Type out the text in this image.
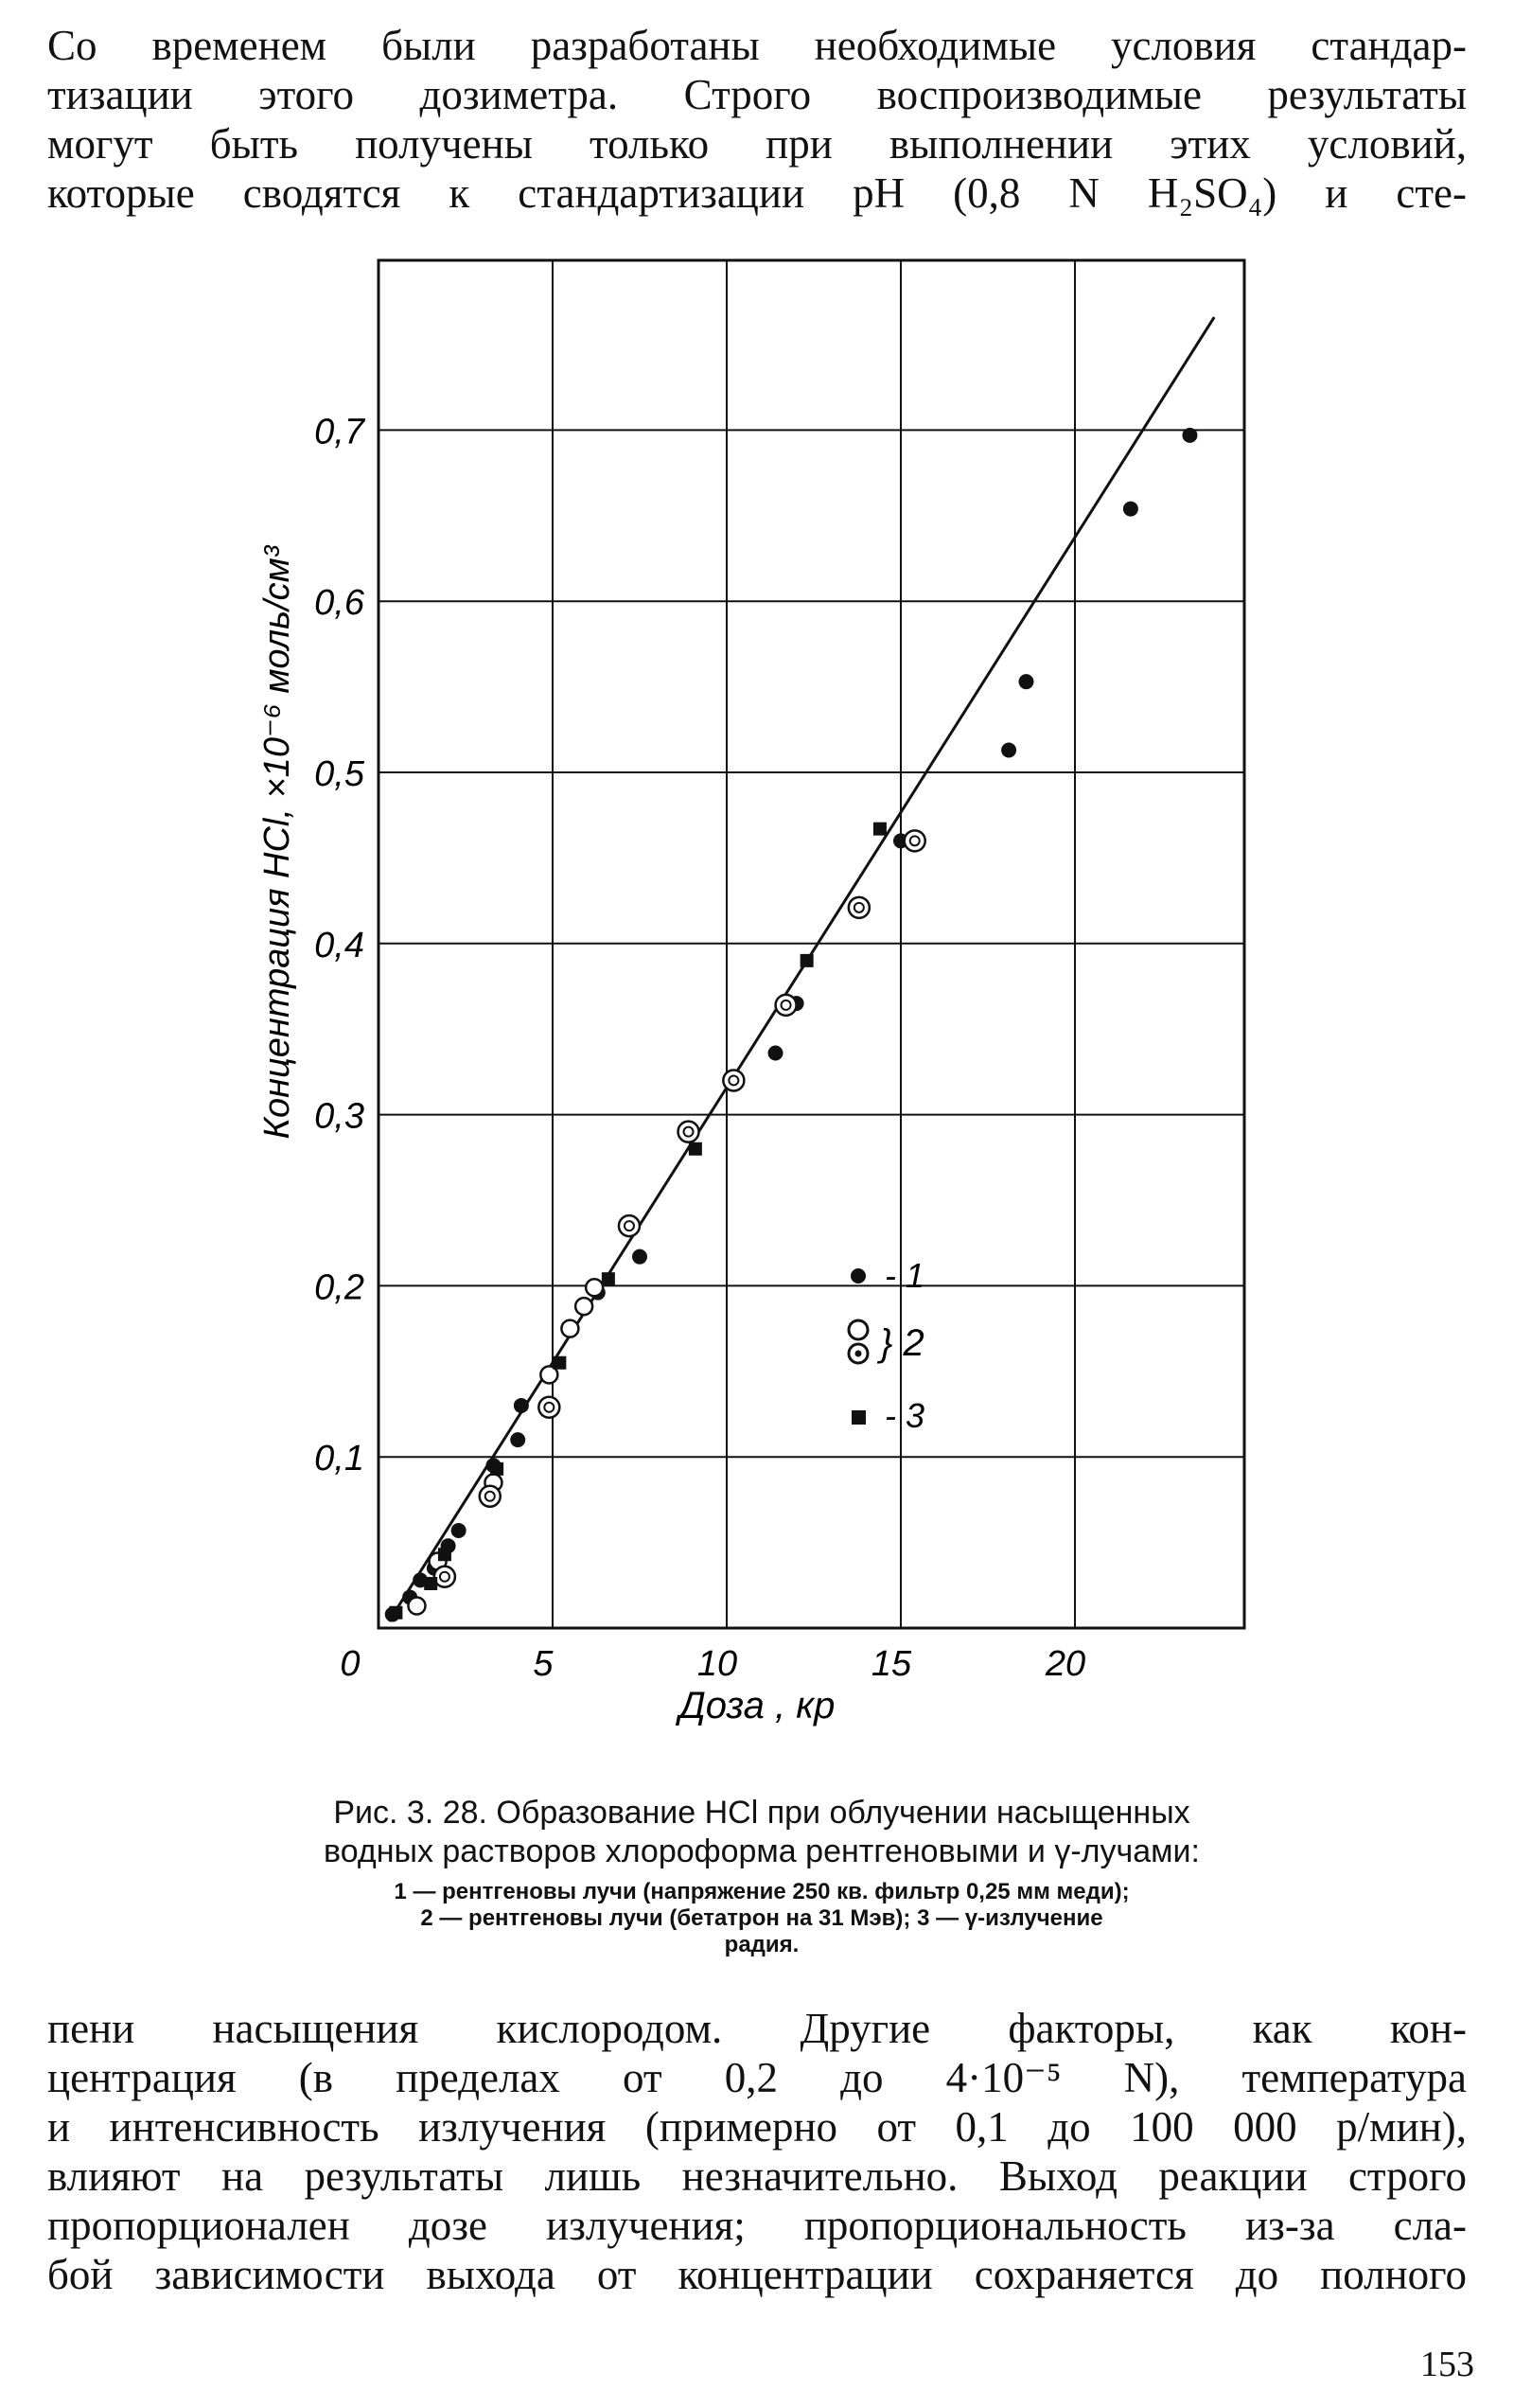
Со временем были разработаны необходимые условия стандар-
тизации этого дозиметра. Строго воспроизводимые результаты
могут быть получены только при выполнении этих условий,
которые сводятся к стандартизации pH (0,8 N H₂SO₄) и сте-
0	5	10	15	20
0,1
0,2
0,3
0,4
0,5
0,6
0,7
Доза , кр
Концентрация HCl, ×10⁻⁶ моль/см³
- 1
} 2
- 3
Рис. 3. 28. Образование HCl при облучении насыщенных
водных растворов хлороформа рентгеновыми и γ-лучами:
1 — рентгеновы лучи (напряжение 250 кв. фильтр 0,25 мм меди);
2 — рентгеновы лучи (бетатрон на 31 Мэв); 3 — γ-излучение
радия.
пени насыщения кислородом. Другие факторы, как кон-
центрация (в пределах от 0,2 до 4·10⁻⁵ N), температура
и интенсивность излучения (примерно от 0,1 до 100 000 р/мин),
влияют на результаты лишь незначительно. Выход реакции строго
пропорционален дозе излучения; пропорциональность из-за сла-
бой зависимости выхода от концентрации сохраняется до полного
153
